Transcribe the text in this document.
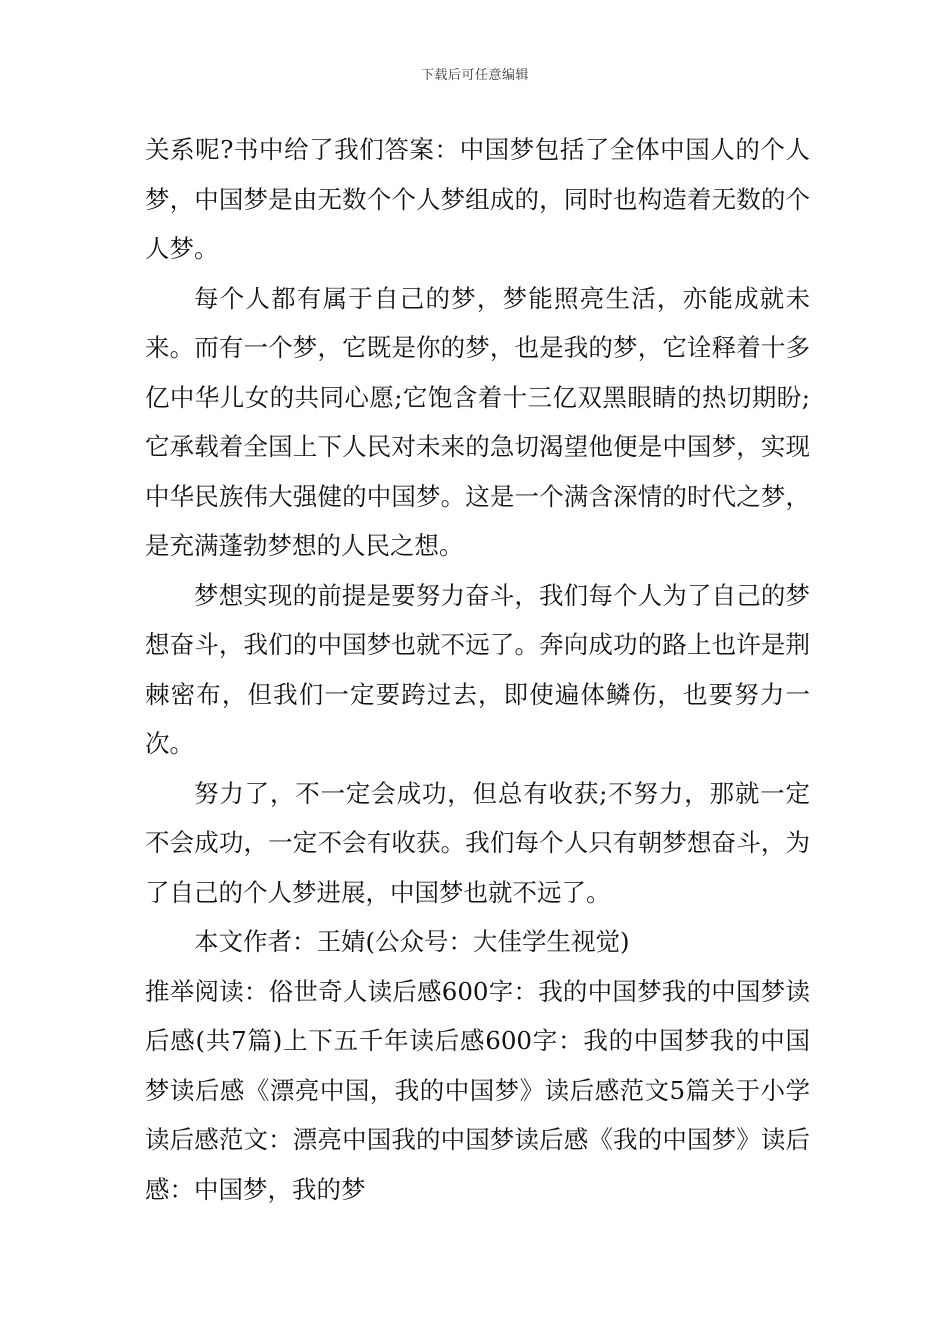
下载后可任意编辑

关系呢?书中给了我们答案：中国梦包括了全体中国人的个人梦，中国梦是由无数个个人梦组成的，同时也构造着无数的个人梦。

每个人都有属于自己的梦，梦能照亮生活，亦能成就未来。而有一个梦，它既是你的梦，也是我的梦，它诠释着十多亿中华儿女的共同心愿;它饱含着十三亿双黑眼睛的热切期盼;它承载着全国上下人民对未来的急切渴望他便是中国梦，实现中华民族伟大强健的中国梦。这是一个满含深情的时代之梦，是充满蓬勃梦想的人民之想。

梦想实现的前提是要努力奋斗，我们每个人为了自己的梦想奋斗，我们的中国梦也就不远了。奔向成功的路上也许是荆棘密布，但我们一定要跨过去，即使遍体鳞伤，也要努力一次。

努力了，不一定会成功，但总有收获;不努力，那就一定不会成功，一定不会有收获。我们每个人只有朝梦想奋斗，为了自己的个人梦进展，中国梦也就不远了。

本文作者：王婧(公众号：大佳学生视觉)

推举阅读：俗世奇人读后感600字：我的中国梦我的中国梦读后感(共7篇)上下五千年读后感600字：我的中国梦我的中国梦读后感《漂亮中国，我的中国梦》读后感范文5篇关于小学读后感范文：漂亮中国我的中国梦读后感《我的中国梦》读后感：中国梦，我的梦
